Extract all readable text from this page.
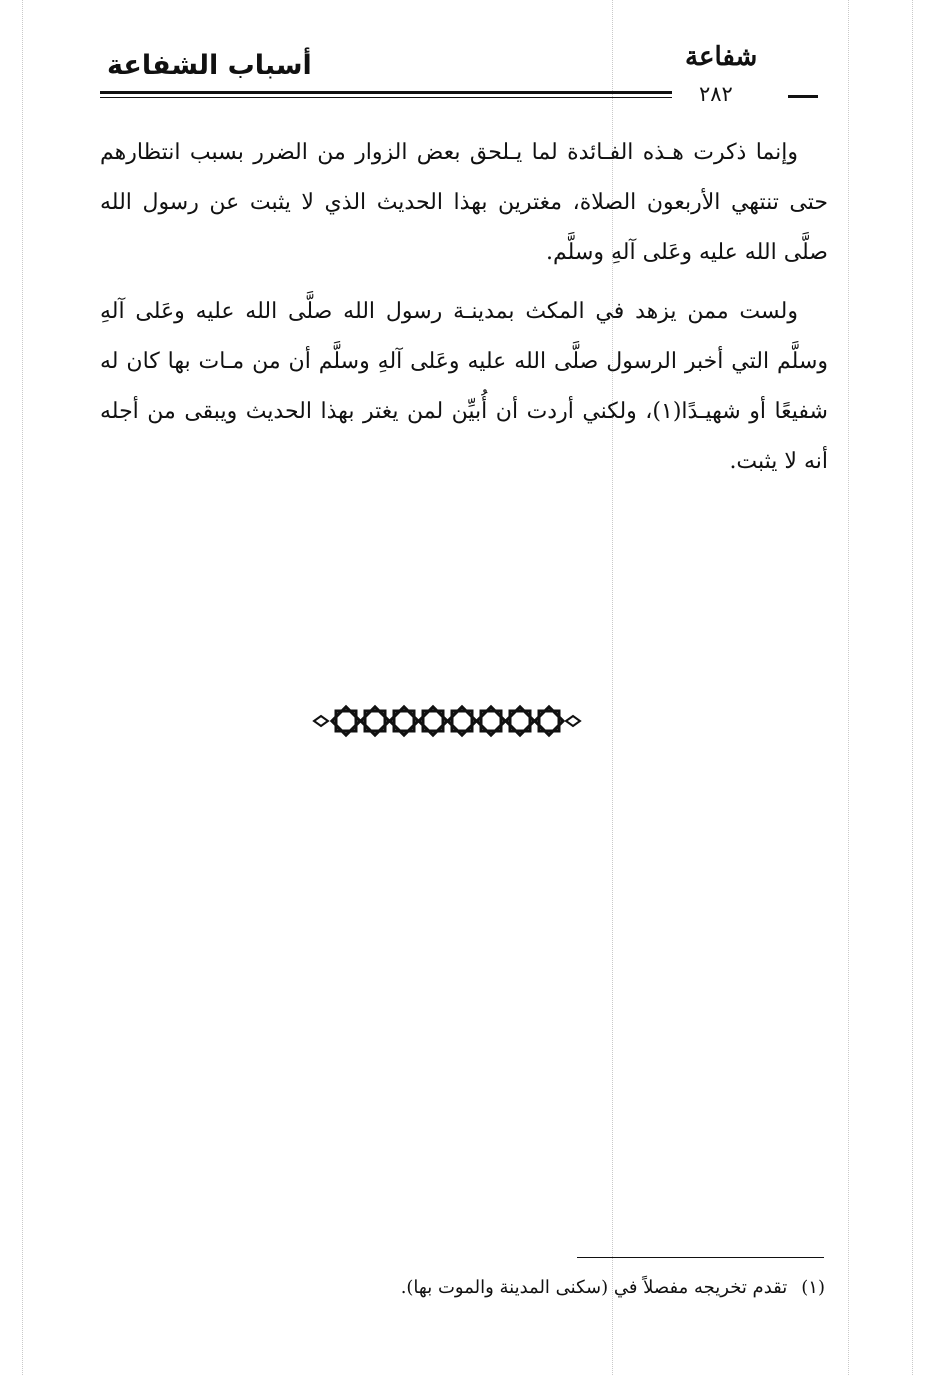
أسباب الشفاعة	شفاعة
٢٨٢

وإنما ذكرت هـذه الفـائدة لما يـلحق بعض الزوار من الضرر بسبب انتظارهم حتى تنتهي الأربعون الصلاة، مغترين بهذا الحديث الذي لا يثبت عن رسول الله صلَّى الله عليه وعَلى آلهِ وسلَّم.

ولست ممن يزهد في المكث بمدينـة رسول الله صلَّى الله عليه وعَلى آلهِ وسلَّم التي أخبر الرسول صلَّى الله عليه وعَلى آلهِ وسلَّم أن من مـات بها كان له شفيعًا أو شهيـدًا(١)، ولكني أردت أن أُبيِّن لمن يغتر بهذا الحديث ويبقى من أجله أنه لا يثبت.

(١)تقدم تخريجه مفصلاً في (سكنى المدينة والموت بها).
